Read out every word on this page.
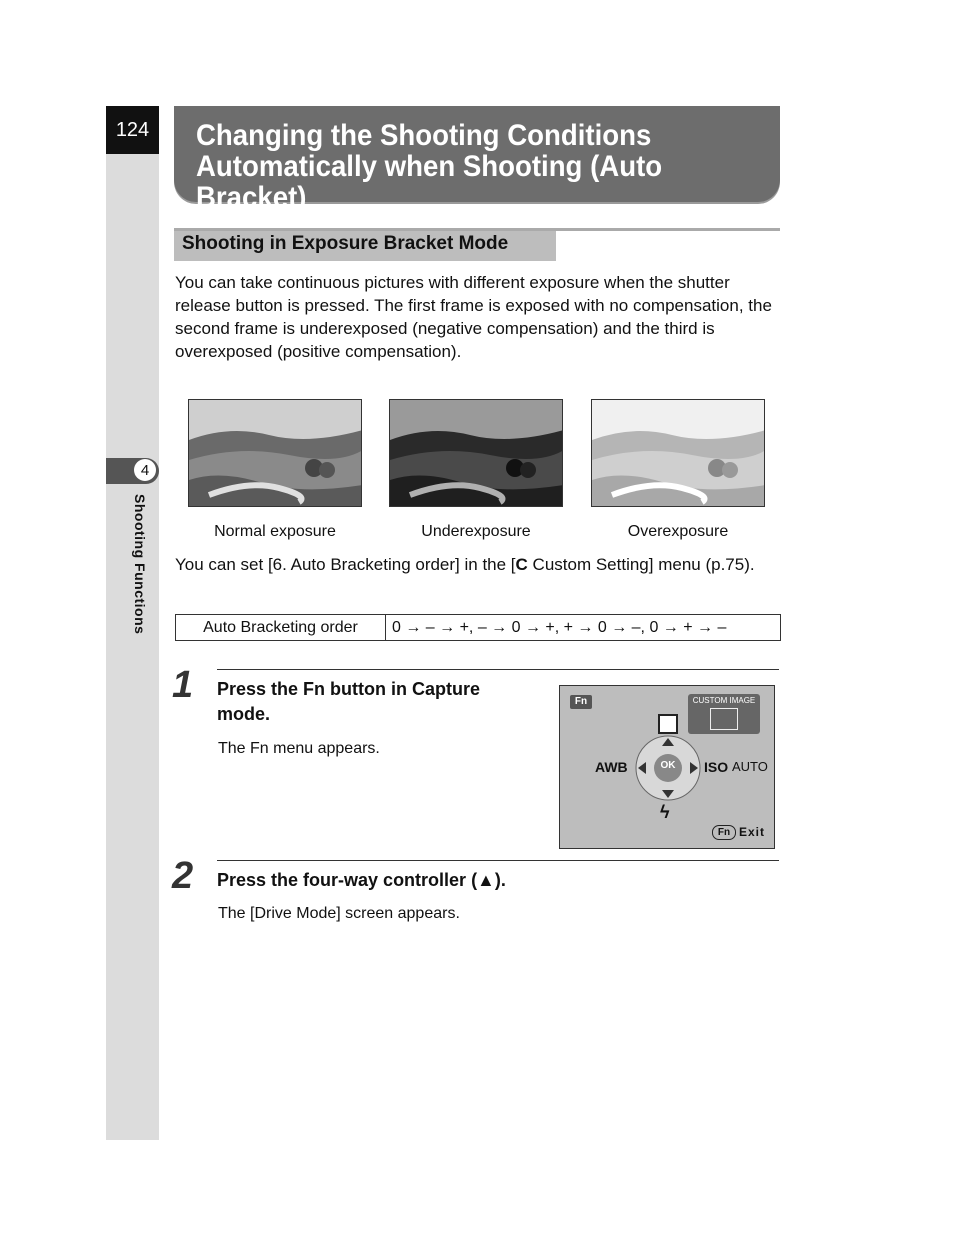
124
4
Shooting Functions
Changing the Shooting Conditions
Automatically when Shooting (Auto Bracket)
Shooting in Exposure Bracket Mode

You can take continuous pictures with different exposure when the shutter release button is pressed. The first frame is exposed with no compensation, the second frame is underexposed (negative compensation) and the third is overexposed (positive compensation).

Normal exposure	Underexposure	Overexposure

You can set [6. Auto Bracketing order] in the [C Custom Setting] menu (p.75).

Auto Bracketing order	0 → – → +, – → 0 → +, + → 0 → –, 0 → + → –
1 Press the Fn button in Capture mode.
The Fn menu appears.
Fn	CUSTOM IMAGE
OK
AWB	ISO AUTO
ϟ
Fn Exit
2 Press the four-way controller (▲).
The [Drive Mode] screen appears.
